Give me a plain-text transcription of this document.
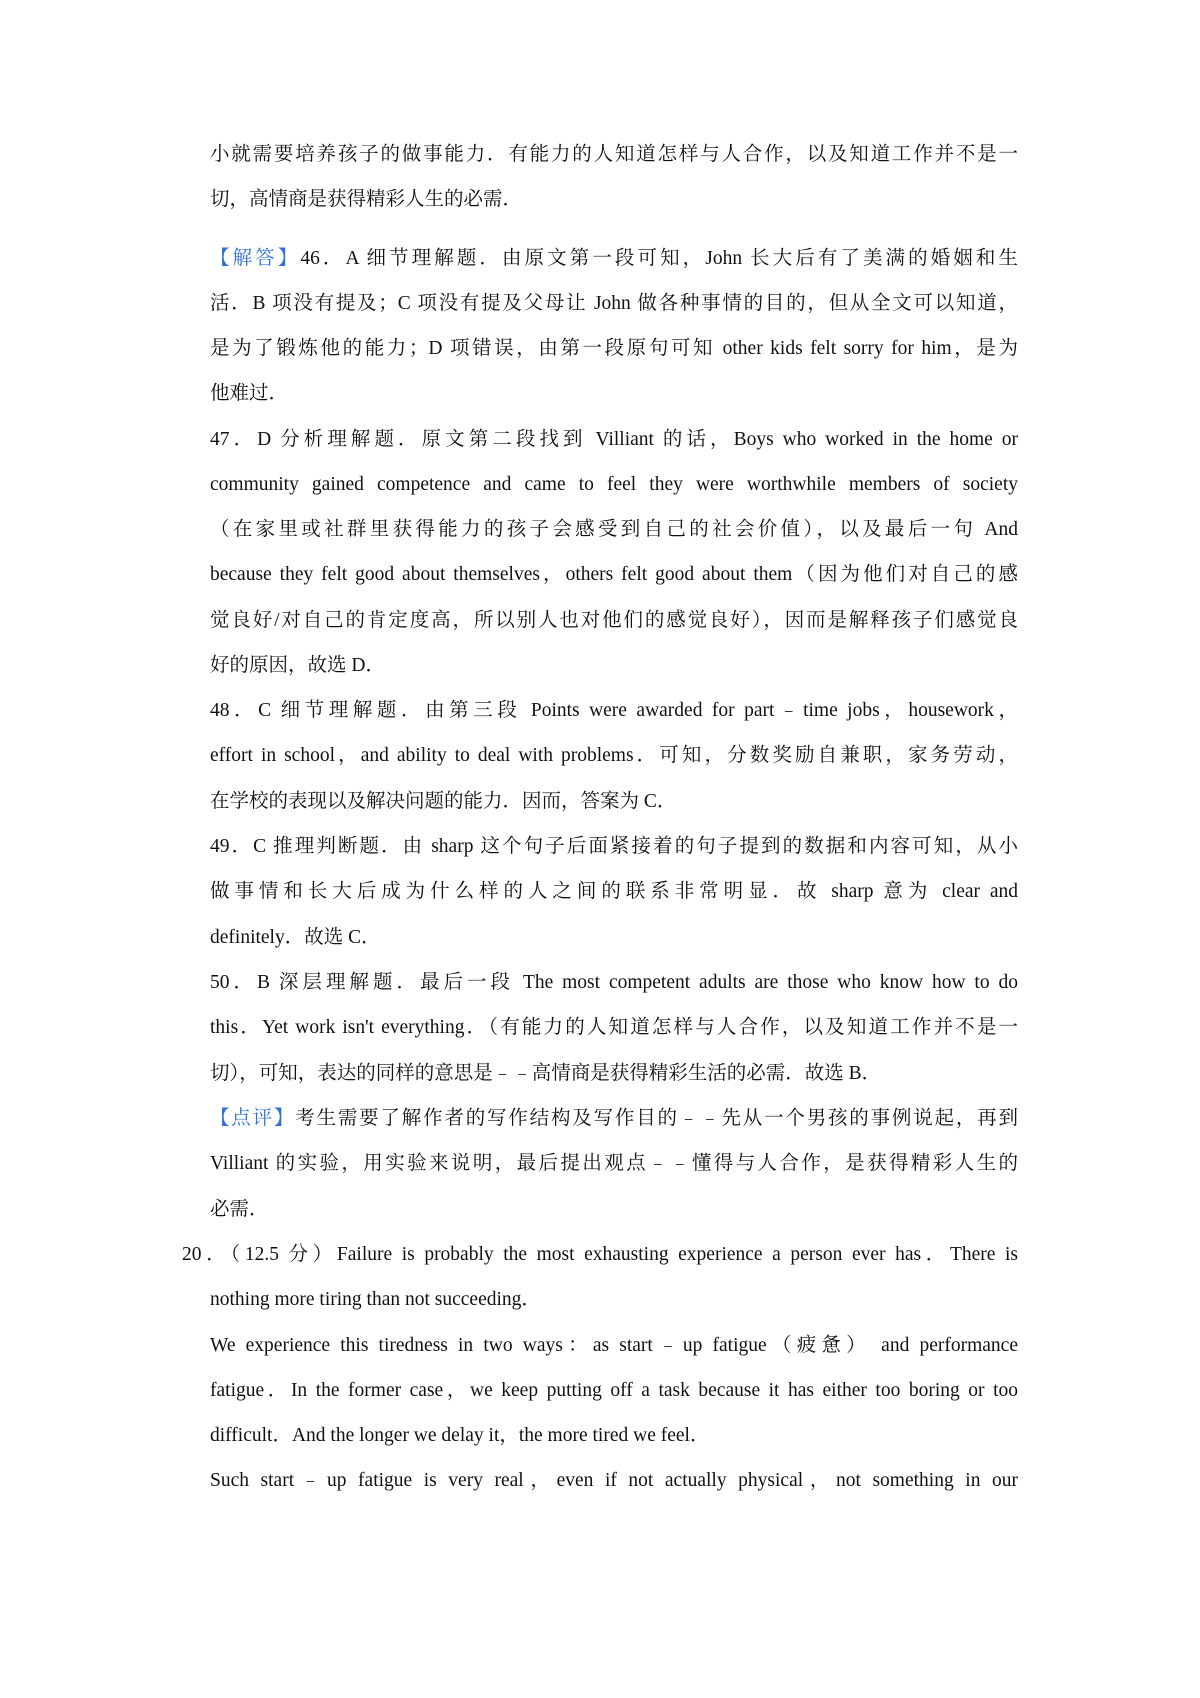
小就需要培养孩子的做事能力．有能力的人知道怎样与人合作，以及知道工作并不是一
切，高情商是获得精彩人生的必需．
【解答】46．A 细节理解题．由原文第一段可知，John 长大后有了美满的婚姻和生
活．B 项没有提及；C 项没有提及父母让 John 做各种事情的目的，但从全文可以知道，
是为了锻炼他的能力；D 项错误，由第一段原句可知 other kids felt sorry for him，是为
他难过．
47．D 分析理解题．原文第二段找到 Villiant 的话，Boys who worked in the home or
community gained competence and came to feel they were worthwhile members of society
（在家里或社群里获得能力的孩子会感受到自己的社会价值），以及最后一句 And
because they felt good about themselves，others felt good about them（因为他们对自己的感
觉良好/对自己的肯定度高，所以别人也对他们的感觉良好），因而是解释孩子们感觉良
好的原因，故选 D．
48．C 细节理解题．由第三段 Points were awarded for part﹣time jobs，housework，
effort in school，and ability to deal with problems．可知，分数奖励自兼职，家务劳动，
在学校的表现以及解决问题的能力．因而，答案为 C．
49．C 推理判断题．由 sharp 这个句子后面紧接着的句子提到的数据和内容可知，从小
做事情和长大后成为什么样的人之间的联系非常明显．故 sharp 意为 clear and
definitely．故选 C．
50．B 深层理解题．最后一段 The most competent adults are those who know how to do
this．Yet work isn't everything．（有能力的人知道怎样与人合作，以及知道工作并不是一
切），可知，表达的同样的意思是﹣﹣高情商是获得精彩生活的必需．故选 B．
【点评】考生需要了解作者的写作结构及写作目的﹣﹣先从一个男孩的事例说起，再到
Villiant 的实验，用实验来说明，最后提出观点﹣﹣懂得与人合作，是获得精彩人生的
必需．
20．（12.5 分）Failure is probably the most exhausting experience a person ever has．There is
nothing more tiring than not succeeding．
We experience this tiredness in two ways：as start﹣up fatigue（疲惫） and performance
fatigue．In the former case，we keep putting off a task because it has either too boring or too
difficult．And the longer we delay it，the more tired we feel．
Such start﹣up fatigue is very real，even if not actually physical，not something in our
